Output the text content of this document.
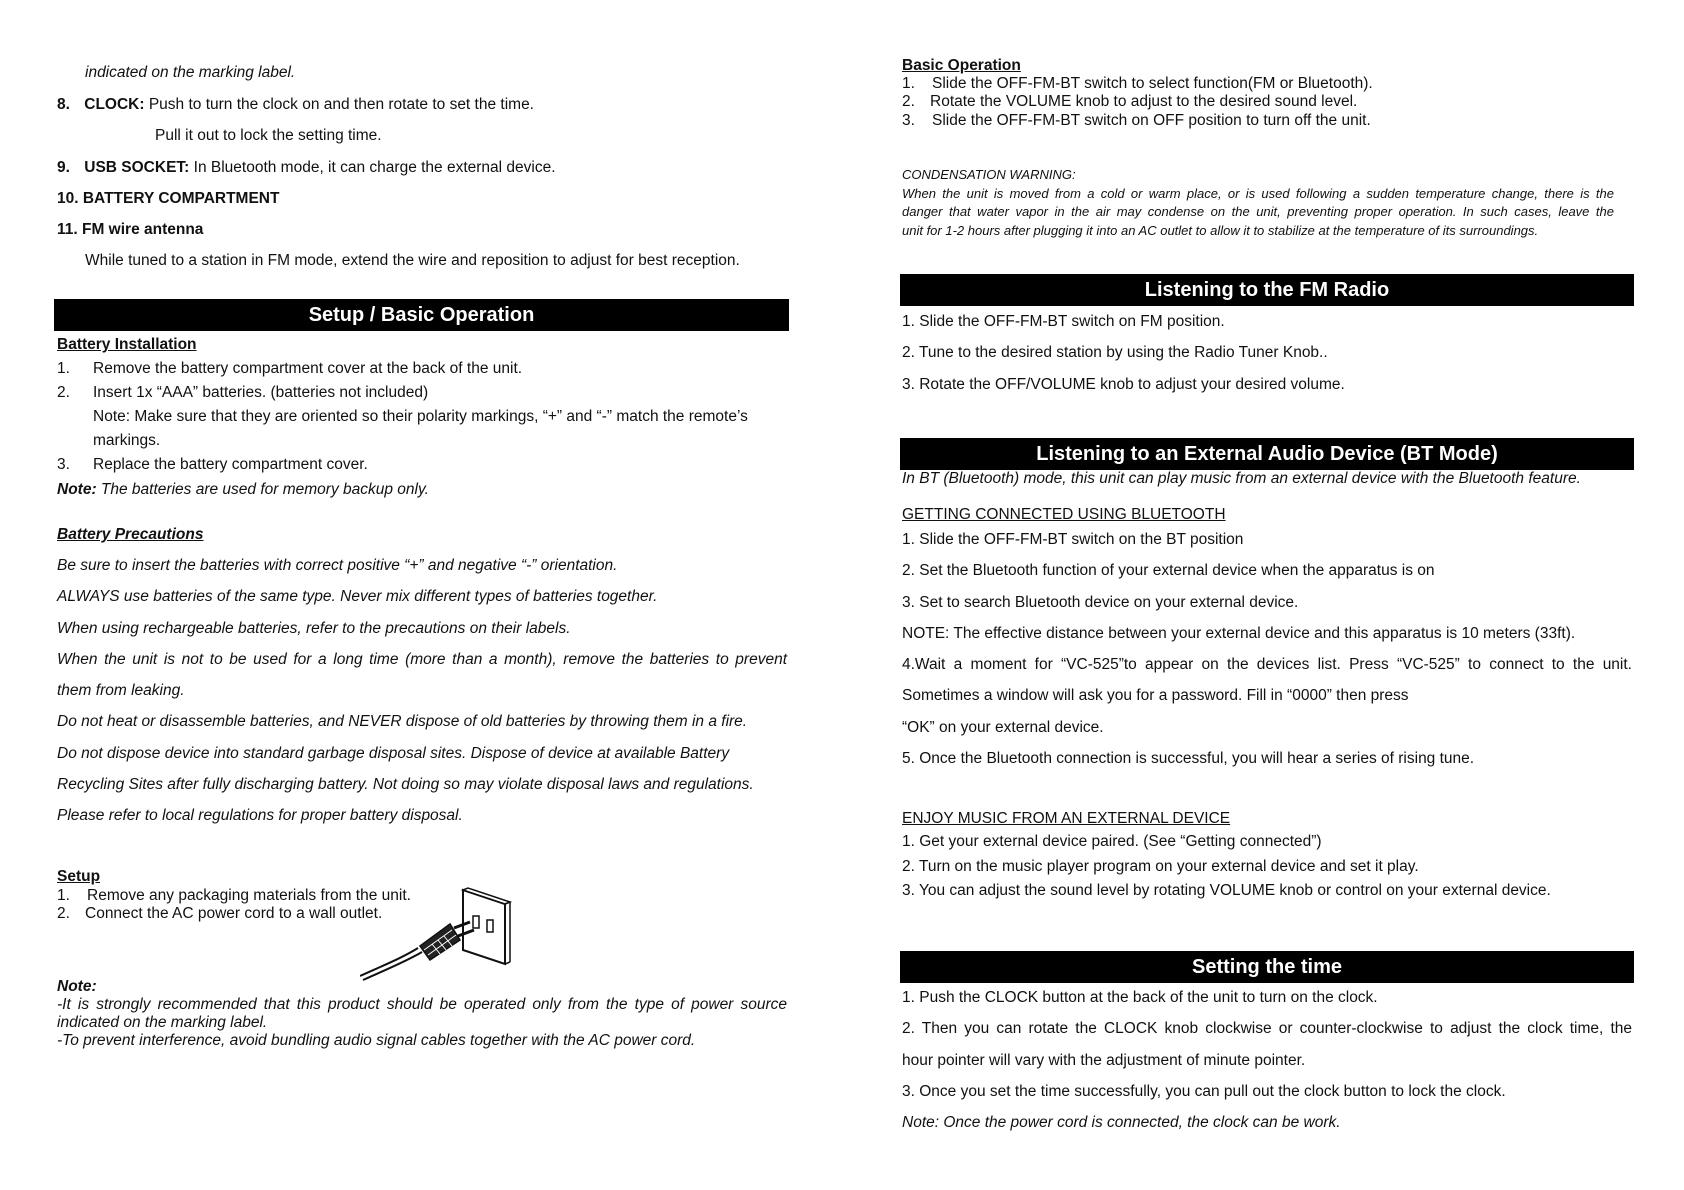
indicated on the marking label.
8. CLOCK: Push to turn the clock on and then rotate to set the time.
Pull it out to lock the setting time.
9. USB SOCKET: In Bluetooth mode, it can charge the external device.
10. BATTERY COMPARTMENT
11. FM wire antenna
While tuned to a station in FM mode, extend the wire and reposition to adjust for best reception.
Setup / Basic Operation
Battery Installation
1. Remove the battery compartment cover at the back of the unit.
2. Insert 1x “AAA” batteries. (batteries not included)
Note: Make sure that they are oriented so their polarity markings, “+” and “-” match the remote’s
markings.
3. Replace the battery compartment cover.
Note: The batteries are used for memory backup only.
Battery Precautions
Be sure to insert the batteries with correct positive “+” and negative “-” orientation.
ALWAYS use batteries of the same type. Never mix different types of batteries together.
When using rechargeable batteries, refer to the precautions on their labels.
When the unit is not to be used for a long time (more than a month), remove the batteries to prevent
them from leaking.
Do not heat or disassemble batteries, and NEVER dispose of old batteries by throwing them in a fire.
Do not dispose device into standard garbage disposal sites. Dispose of device at available Battery
Recycling Sites after fully discharging battery. Not doing so may violate disposal laws and regulations.
Please refer to local regulations for proper battery disposal.
Setup
1. Remove any packaging materials from the unit.
2. Connect the AC power cord to a wall outlet.
Note:
-It is strongly recommended that this product should be operated only from the type of power source
indicated on the marking label.
-To prevent interference, avoid bundling audio signal cables together with the AC power cord.
Basic Operation
1. Slide the OFF-FM-BT switch to select function(FM or Bluetooth).
2. Rotate the VOLUME knob to adjust to the desired sound level.
3. Slide the OFF-FM-BT switch on OFF position to turn off the unit.
CONDENSATION WARNING:
When the unit is moved from a cold or warm place, or is used following a sudden temperature change, there is the
danger that water vapor in the air may condense on the unit, preventing proper operation. In such cases, leave the
unit for 1-2 hours after plugging it into an AC outlet to allow it to stabilize at the temperature of its surroundings.
Listening to the FM Radio
1. Slide the OFF-FM-BT switch on FM position.
2. Tune to the desired station by using the Radio Tuner Knob..
3. Rotate the OFF/VOLUME knob to adjust your desired volume.
Listening to an External Audio Device (BT Mode)
In BT (Bluetooth) mode, this unit can play music from an external device with the Bluetooth feature.
GETTING CONNECTED USING BLUETOOTH
1. Slide the OFF-FM-BT switch on the BT position
2. Set the Bluetooth function of your external device when the apparatus is on
3. Set to search Bluetooth device on your external device.
NOTE: The effective distance between your external device and this apparatus is 10 meters (33ft).
4.Wait a moment for “VC-525”to appear on the devices list. Press “VC-525” to connect to the unit.
Sometimes a window will ask you for a password. Fill in “0000” then press
“OK” on your external device.
5. Once the Bluetooth connection is successful, you will hear a series of rising tune.
ENJOY MUSIC FROM AN EXTERNAL DEVICE
1. Get your external device paired. (See “Getting connected”)
2. Turn on the music player program on your external device and set it play.
3. You can adjust the sound level by rotating VOLUME knob or control on your external device.
Setting the time
1. Push the CLOCK button at the back of the unit to turn on the clock.
2. Then you can rotate the CLOCK knob clockwise or counter-clockwise to adjust the clock time, the
hour pointer will vary with the adjustment of minute pointer.
3. Once you set the time successfully, you can pull out the clock button to lock the clock.
Note: Once the power cord is connected, the clock can be work.
